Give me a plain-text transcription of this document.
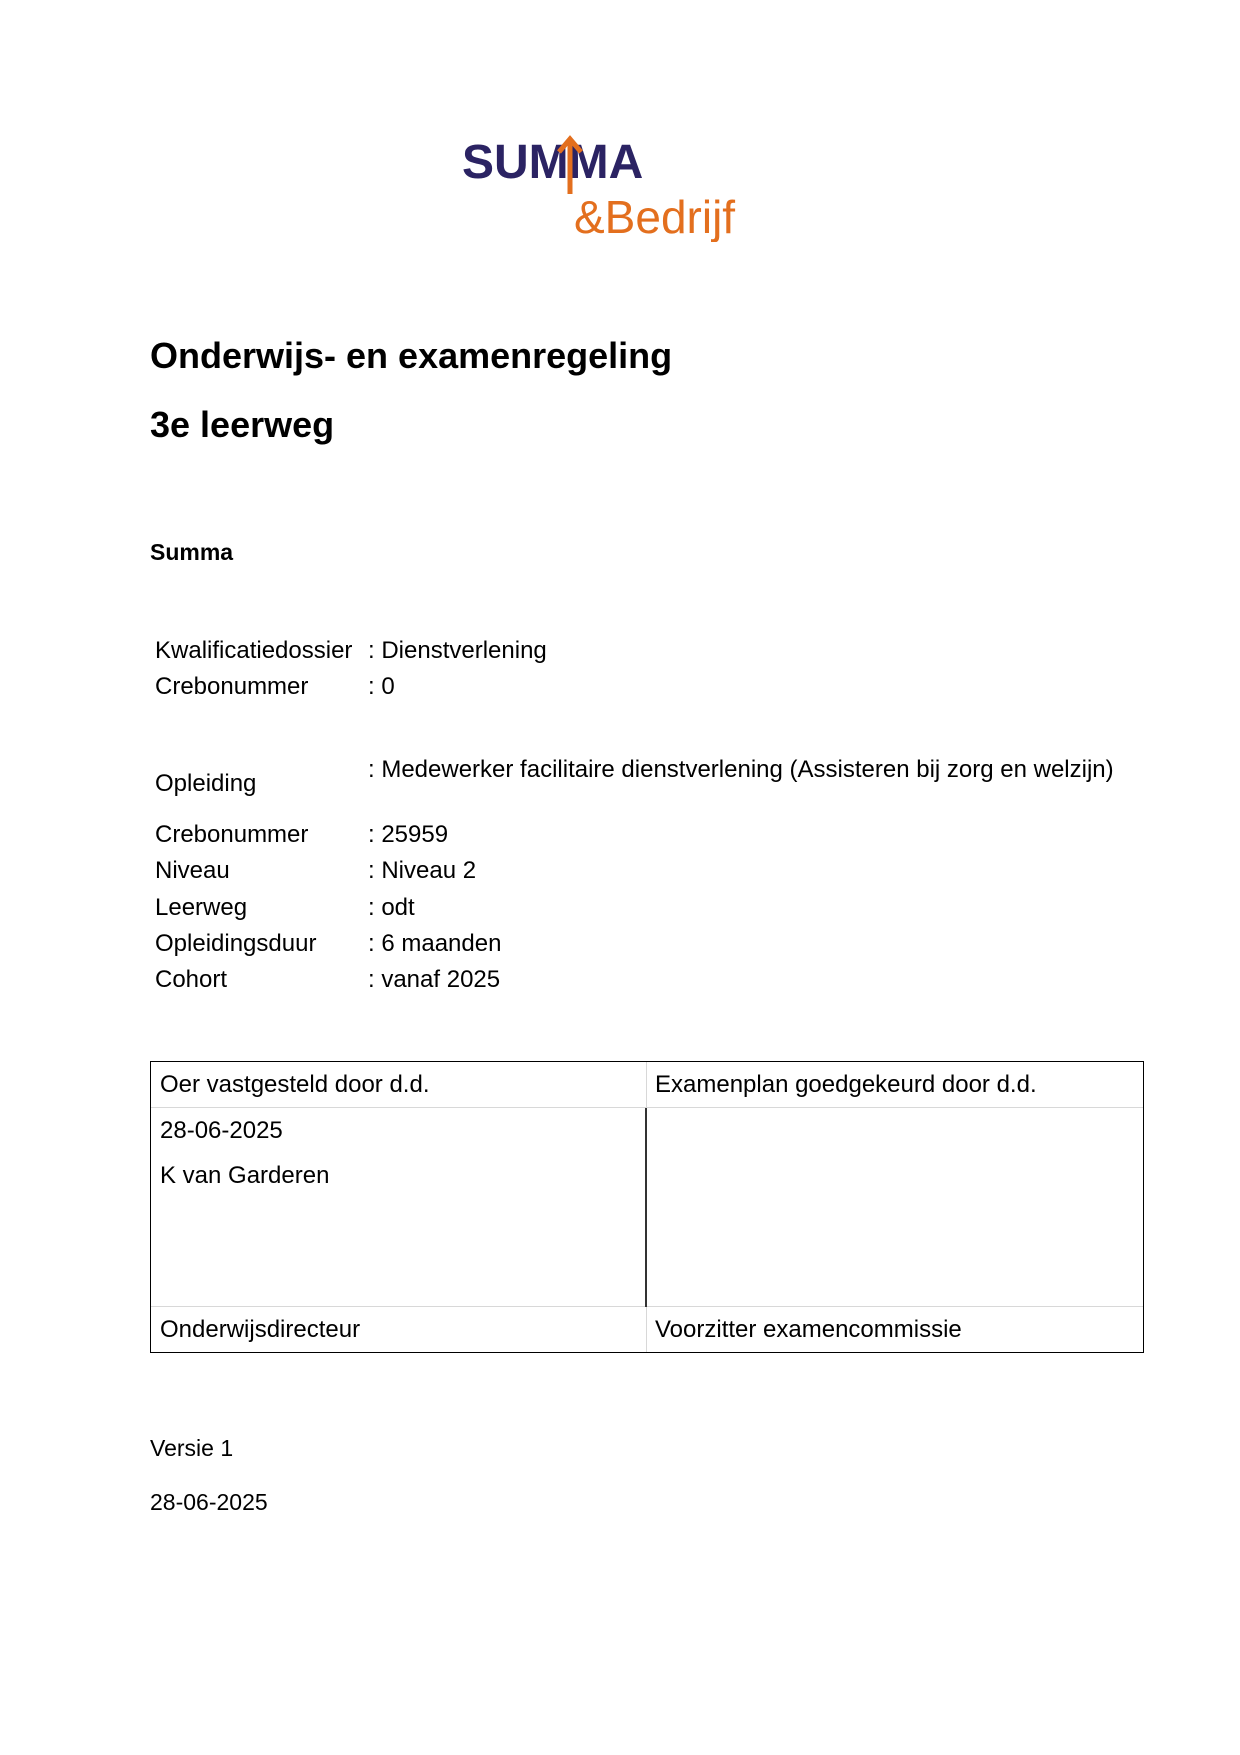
SUMMA
&Bedrijf
Onderwijs- en examenregeling
3e leerweg
Summa
Kwalificatiedossier : Dienstverlening
Crebonummer : 0
Opleiding
: Medewerker facilitaire dienstverlening (Assisteren bij zorg en welzijn)
Crebonummer : 25959
Niveau	: Niveau 2
Leerweg	: odt
Opleidingsduur : 6 maanden
Cohort	: vanaf 2025
Oer vastgesteld door d.d.	Examenplan goedgekeurd door d.d.
28-06-2025
K van Garderen
Onderwijsdirecteur	Voorzitter examencommissie
Versie 1
28-06-2025
